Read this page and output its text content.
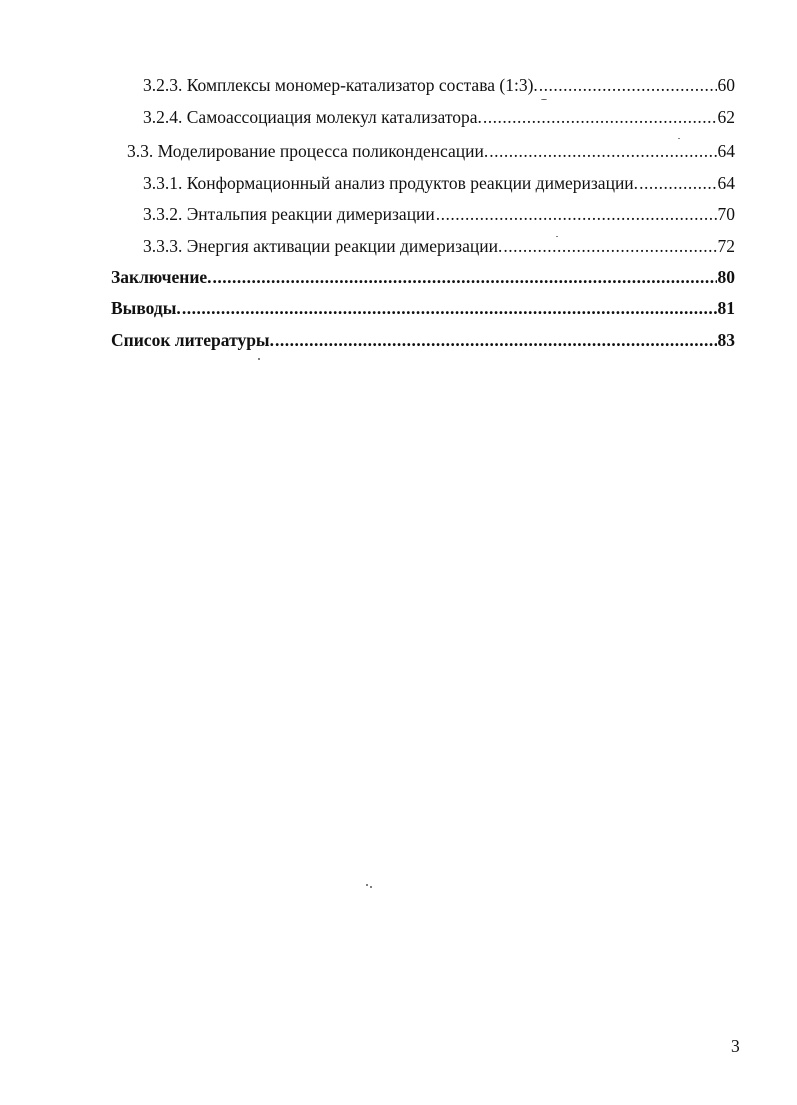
3.2.3. Комплексы мономер-катализатор состава (1:3). .....	60
3.2.4. Самоассоциация молекул катализатора. .....	62
3.3. Моделирование процесса поликонденсации. .....	64
3.3.1. Конформационный анализ продуктов реакции димеризации. .....	64
3.3.2. Энтальпия реакции димеризации .....	70
3.3.3. Энергия активации реакции димеризации. .....	72
Заключение. .....	80
Выводы. .....	81
Список литературы. .....	83
3
